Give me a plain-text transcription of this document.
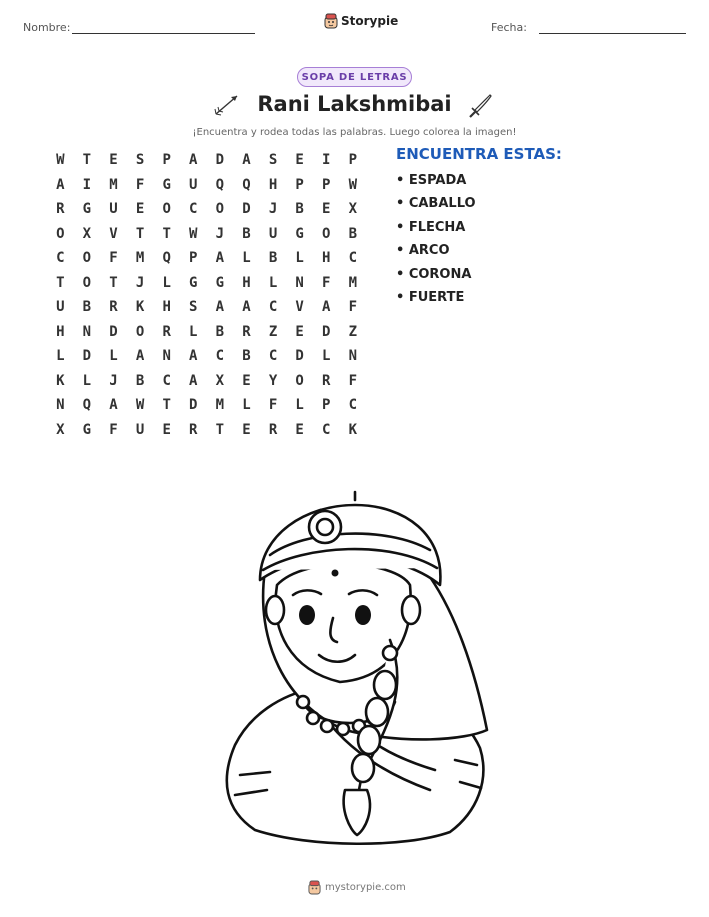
Nombre:	Storypie	Fecha:
SOPA DE LETRAS
Rani Lakshmibai
¡Encuentra y rodea todas las palabras. Luego colorea la imagen!
W	T	E	S	P	A	D	A	S	E	I	P
A	I	M	F	G	U	Q	Q	H	P	P	W
R	G	U	E	O	C	O	D	J	B	E	X
O	X	V	T	T	W	J	B	U	G	O	B
C	O	F	M	Q	P	A	L	B	L	H	C
T	O	T	J	L	G	G	H	L	N	F	M
U	B	R	K	H	S	A	A	C	V	A	F
H	N	D	O	R	L	B	R	Z	E	D	Z
L	D	L	A	N	A	C	B	C	D	L	N
K	L	J	B	C	A	X	E	Y	O	R	F
N	Q	A	W	T	D	M	L	F	L	P	C
X	G	F	U	E	R	T	E	R	E	C	K
ENCUENTRA ESTAS:
• ESPADA
• CABALLO
• FLECHA
• ARCO
• CORONA
• FUERTE
mystorypie.com
